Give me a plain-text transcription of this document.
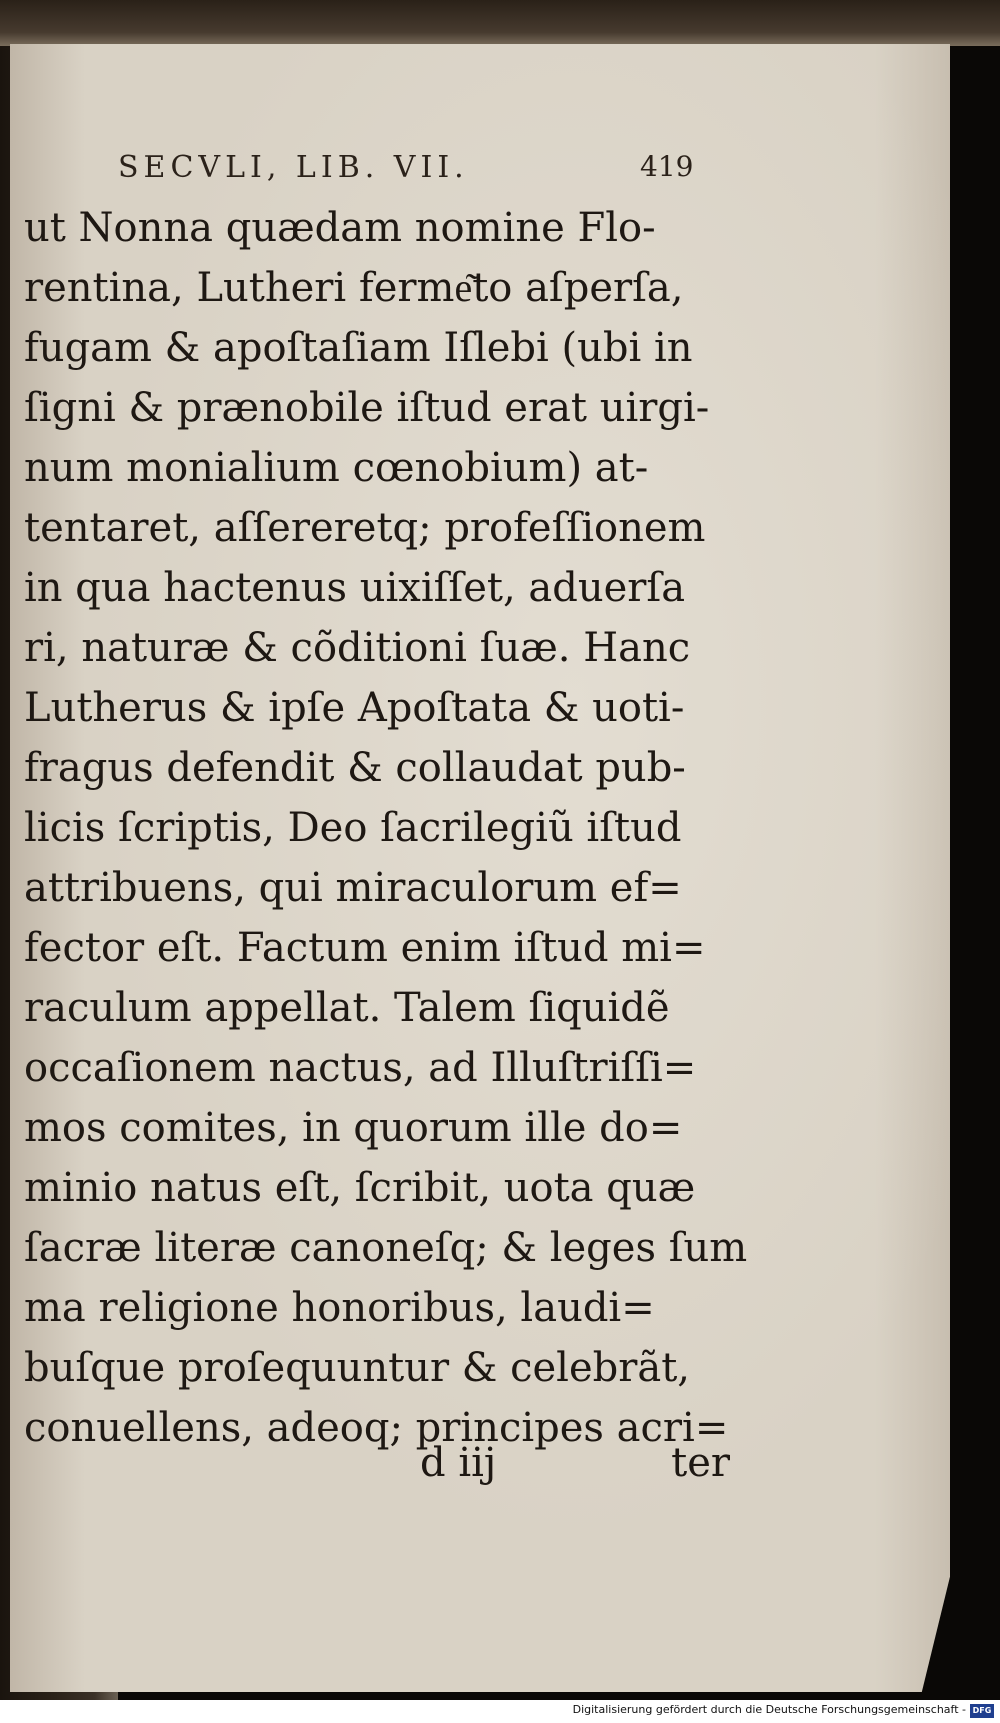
SECVLI, LIB. VII.	419
ut Nonna quædam nomine Flo-
rentina, Lutheri ferme͂to aſperſa,
fugam & apoſtaſiam Iſlebi (ubi in
ſigni & prænobile iſtud erat uirgi-
num monialium cœnobium) at-
tentaret, aſſereretq; profeſſionem
in qua hactenus uixiſſet, aduerſa
ri, naturæ & cõditioni ſuæ. Hanc
Lutherus & ipſe Apoſtata & uoti-
fragus defendit & collaudat pub-
licis ſcriptis, Deo ſacrilegiũ iſtud
attribuens, qui miraculorum ef=
fector eſt. Factum enim iſtud mi=
raculum appellat. Talem ſiquidẽ
occaſionem nactus, ad Illuſtriſſi=
mos comites, in quorum ille do=
minio natus eſt, ſcribit, uota quæ
ſacræ literæ canoneſq; & leges ſum
ma religione honoribus, laudi=
buſque proſequuntur & celebrãt,
conuellens, adeoq; principes acri=
d iij	ter
Digitalisierung gefördert durch die Deutsche Forschungsgemeinschaft - DFG
